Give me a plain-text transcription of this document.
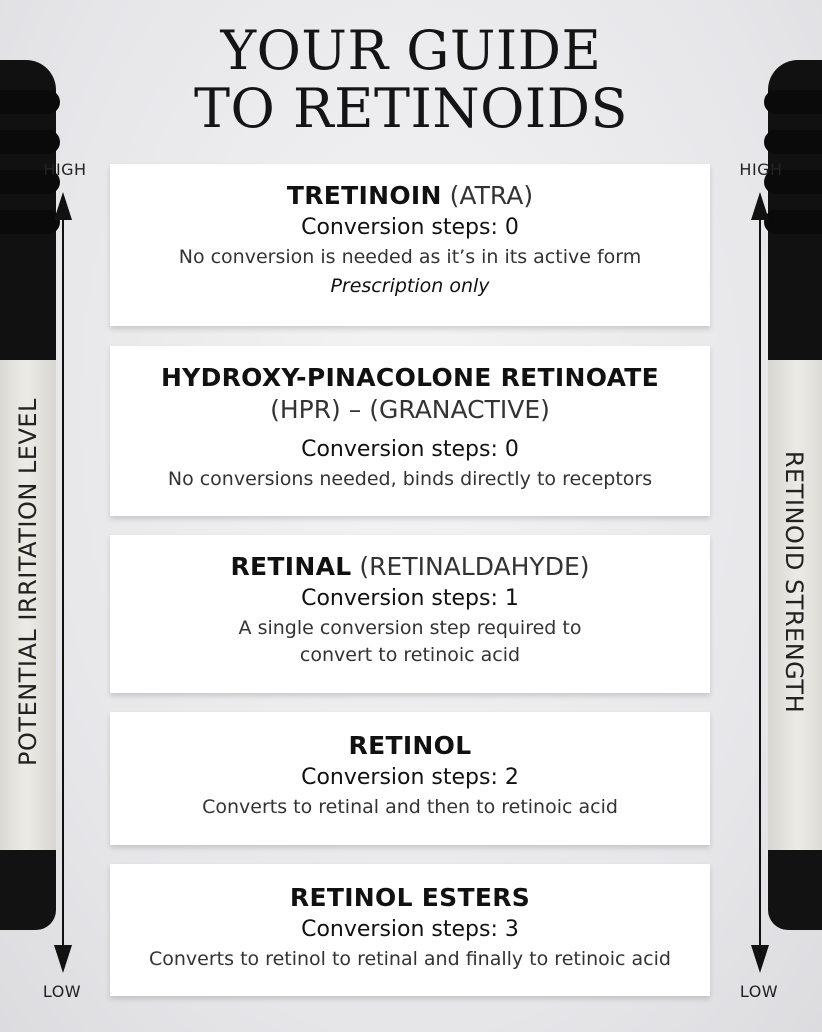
YOUR GUIDE
TO RETINOIDS
HIGH
LOW
POTENTIAL IRRITATION LEVEL
HIGH
LOW
RETINOID STRENGTH
TRETINOIN (ATRA)
Conversion steps: 0
No conversion is needed as it’s in its active form
Prescription only
HYDROXY-PINACOLONE RETINOATE
(HPR) – (GRANACTIVE)
Conversion steps: 0
No conversions needed, binds directly to receptors
RETINAL (RETINALDAHYDE)
Conversion steps: 1
A single conversion step required to
convert to retinoic acid
RETINOL
Conversion steps: 2
Converts to retinal and then to retinoic acid
RETINOL ESTERS
Conversion steps: 3
Converts to retinol to retinal and finally to retinoic acid
